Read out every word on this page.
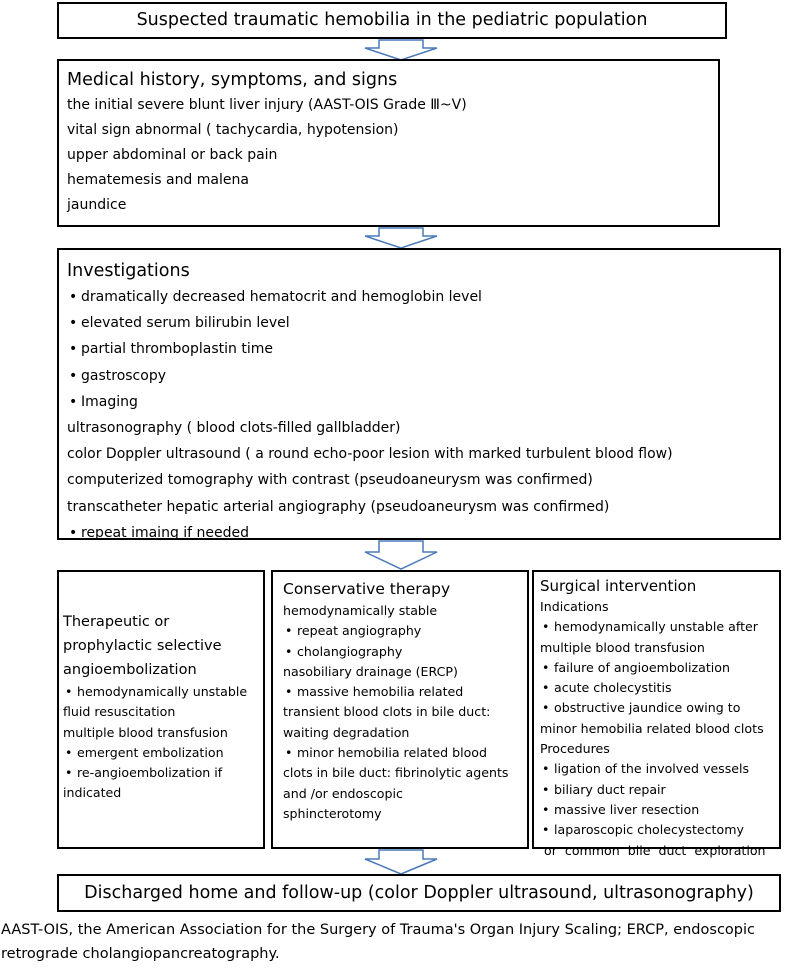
Suspected traumatic hemobilia in the pediatric population
Medical history, symptoms, and signs
the initial severe blunt liver injury (AAST-OIS Grade Ⅲ~Ⅴ)
vital sign abnormal ( tachycardia, hypotension)
upper abdominal or back pain
hematemesis and malena
jaundice
Investigations
• dramatically decreased hematocrit and hemoglobin level
• elevated serum bilirubin level
• partial thromboplastin time
• gastroscopy
• Imaging
ultrasonography ( blood clots-filled gallbladder)
color Doppler ultrasound ( a round echo-poor lesion with marked turbulent blood flow)
computerized tomography with contrast (pseudoaneurysm was confirmed)
transcatheter hepatic arterial angiography (pseudoaneurysm was confirmed)
• repeat imaing if needed
Therapeutic or
prophylactic selective
angioembolization
• hemodynamically unstable
fluid resuscitation
multiple blood transfusion
• emergent embolization
• re-angioembolization if
indicated
Conservative therapy
hemodynamically stable
• repeat angiography
• cholangiography
nasobiliary drainage (ERCP)
• massive hemobilia related
transient blood clots in bile duct:
waiting degradation
• minor hemobilia related blood
clots in bile duct: fibrinolytic agents
and /or endoscopic
sphincterotomy
Surgical intervention
Indications
• hemodynamically unstable after
multiple blood transfusion
• failure of angioembolization
• acute cholecystitis
• obstructive jaundice owing to
minor hemobilia related blood clots
Procedures
• ligation of the involved vessels
• biliary duct repair
• massive liver resection
• laparoscopic cholecystectomy
or  common  bile  duct  exploration
Discharged home and follow-up (color Doppler ultrasound, ultrasonography)
AAST-OIS, the American Association for the Surgery of Trauma's Organ Injury Scaling; ERCP, endoscopic
retrograde cholangiopancreatography.
